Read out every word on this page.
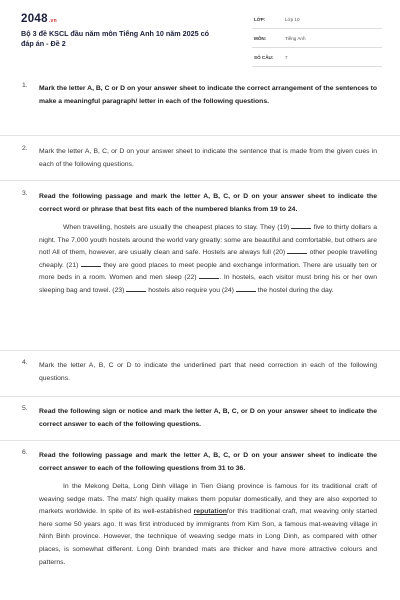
2048.vn
Bộ 3 đề KSCL đầu năm môn Tiếng Anh 10 năm 2025 có đáp án - Đề 2
LỚP:	Lớp 10
MÔN:	Tiếng Anh
SỐ CÂU:	7
1. Mark the letter A, B, C or D on your answer sheet to indicate the correct arrangement of the sentences to make a meaningful paragraph/ letter in each of the following questions.
2. Mark the letter A, B, C, or D on your answer sheet to indicate the sentence that is made from the given cues in each of the following questions.
3. Read the following passage and mark the letter A, B, C, or D on your answer sheet to indicate the correct word or phrase that best fits each of the numbered blanks from 19 to 24.
When travelling, hostels are usually the cheapest places to stay. They (19)	five to thirty dollars a night. The 7,000 youth hostels around the world vary greatly: some are beautiful and comfortable, but others are not! All of them, however, are usually clean and safe. Hostels are always full (20)	other people travelling cheaply. (21)	they are good places to meet people and exchange information. There are usually ten or more beds in a room. Women and men sleep (22)	. In hostels, each visitor must bring his or her own sleeping bag and towel. (23)	hostels also require you (24)	the hostel during the day.
4. Mark the letter A, B, C or D to indicate the underlined part that need correction in each of the following questions.
5. Read the following sign or notice and mark the letter A, B, C, or D on your answer sheet to indicate the correct answer to each of the following questions.
6. Read the following passage and mark the letter A, B, C, or D on your answer sheet to indicate the correct answer to each of the following questions from 31 to 36.
In the Mekong Delta, Long Dinh village in Tien Giang province is famous for its traditional craft of weaving sedge mats. The mats' high quality makes them popular domestically, and they are also exported to markets worldwide. In spite of its well-established reputationfor this traditional craft, mat weaving only started here some 50 years ago. It was first introduced by immigrants from Kim Son, a famous mat-weaving village in Ninh Binh province. However, the technique of weaving sedge mats in Long Dinh, as compared with other places, is somewhat different. Long Dinh branded mats are thicker and have more attractive colours and patterns.
